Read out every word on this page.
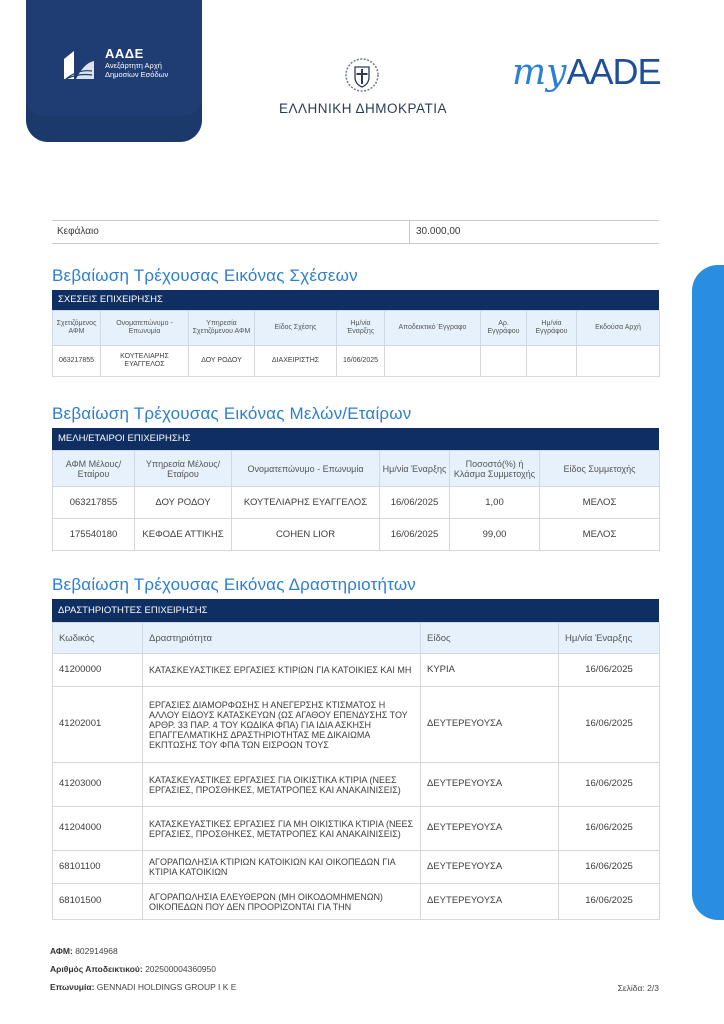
ΑΑΔΕ
Ανεξάρτητη Αρχή Δημοσίων Εσόδων
ΕΛΛΗΝΙΚΗ ΔΗΜΟΚΡΑΤΙΑ
myAADE
Κεφάλαιο	30.000,00
Βεβαίωση Τρέχουσας Εικόνας Σχέσεων
ΣΧΕΣΕΙΣ ΕΠΙΧΕΙΡΗΣΗΣ
Σχετιζόμενος ΑΦΜ	Ονοματεπώνυμο - Επωνυμία	Υπηρεσία Σχετιζόμενου ΑΦΜ	Είδος Σχέσης	Ημ/νία Έναρξης	Αποδεικτικό Έγγραφο	Αρ. Εγγράφου	Ημ/νία Εγγράφου	Εκδούσα Αρχή
063217855	ΚΟΥΤΕΛΙΑΡΗΣ ΕΥΑΓΓΕΛΟΣ	ΔΟΥ ΡΟΔΟΥ	ΔΙΑΧΕΙΡΙΣΤΗΣ	16/06/2025				
Βεβαίωση Τρέχουσας Εικόνας Μελών/Εταίρων
ΜΕΛΗ/ΕΤΑΙΡΟΙ ΕΠΙΧΕΙΡΗΣΗΣ
ΑΦΜ Μέλους/Εταίρου	Υπηρεσία Μέλους/Εταίρου	Ονοματεπώνυμο - Επωνυμία	Ημ/νία Έναρξης	Ποσοστό(%) ή Κλάσμα Συμμετοχής	Είδος Συμμετοχής
063217855	ΔΟΥ ΡΟΔΟΥ	ΚΟΥΤΕΛΙΑΡΗΣ ΕΥΑΓΓΕΛΟΣ	16/06/2025	1,00	ΜΕΛΟΣ
175540180	ΚΕΦΟΔΕ ΑΤΤΙΚΗΣ	COHEN LIOR	16/06/2025	99,00	ΜΕΛΟΣ
Βεβαίωση Τρέχουσας Εικόνας Δραστηριοτήτων
ΔΡΑΣΤΗΡΙΟΤΗΤΕΣ ΕΠΙΧΕΙΡΗΣΗΣ
Κωδικός	Δραστηριότητα	Είδος	Ημ/νία Έναρξης
41200000	ΚΑΤΑΣΚΕΥΑΣΤΙΚΕΣ ΕΡΓΑΣΙΕΣ ΚΤΙΡΙΩΝ ΓΙΑ ΚΑΤΟΙΚΙΕΣ ΚΑΙ ΜΗ	ΚΥΡΙΑ	16/06/2025
41202001	ΕΡΓΑΣΙΕΣ ΔΙΑΜΟΡΦΩΣΗΣ Η ΑΝΕΓΕΡΣΗΣ ΚΤΙΣΜΑΤΟΣ Η ΑΛΛΟΥ ΕΙΔΟΥΣ ΚΑΤΑΣΚΕΥΩΝ (ΩΣ ΑΓΑΘΟΥ ΕΠΕΝΔΥΣΗΣ ΤΟΥ ΑΡΘΡ. 33 ΠΑΡ. 4 ΤΟΥ ΚΩΔΙΚΑ ΦΠΑ) ΓΙΑ ΙΔΙΑ ΑΣΚΗΣΗ ΕΠΑΓΓΕΛΜΑΤΙΚΗΣ ΔΡΑΣΤΗΡΙΟΤΗΤΑΣ ΜΕ ΔΙΚΑΙΩΜΑ ΕΚΠΤΩΣΗΣ ΤΟΥ ΦΠΑ ΤΩΝ ΕΙΣΡΟΩΝ ΤΟΥΣ	ΔΕΥΤΕΡΕΥΟΥΣΑ	16/06/2025
41203000	ΚΑΤΑΣΚΕΥΑΣΤΙΚΕΣ ΕΡΓΑΣΙΕΣ ΓΙΑ ΟΙΚΙΣΤΙΚΑ ΚΤΙΡΙΑ (ΝΕΕΣ ΕΡΓΑΣΙΕΣ, ΠΡΟΣΘΗΚΕΣ, ΜΕΤΑΤΡΟΠΕΣ ΚΑΙ ΑΝΑΚΑΙΝΙΣΕΙΣ)	ΔΕΥΤΕΡΕΥΟΥΣΑ	16/06/2025
41204000	ΚΑΤΑΣΚΕΥΑΣΤΙΚΕΣ ΕΡΓΑΣΙΕΣ ΓΙΑ ΜΗ ΟΙΚΙΣΤΙΚΑ ΚΤΙΡΙΑ (ΝΕΕΣ ΕΡΓΑΣΙΕΣ, ΠΡΟΣΘΗΚΕΣ, ΜΕΤΑΤΡΟΠΕΣ ΚΑΙ ΑΝΑΚΑΙΝΙΣΕΙΣ)	ΔΕΥΤΕΡΕΥΟΥΣΑ	16/06/2025
68101100	ΑΓΟΡΑΠΩΛΗΣΙΑ ΚΤΙΡΙΩΝ ΚΑΤΟΙΚΙΩΝ ΚΑΙ ΟΙΚΟΠΕΔΩΝ ΓΙΑ ΚΤΙΡΙΑ ΚΑΤΟΙΚΙΩΝ	ΔΕΥΤΕΡΕΥΟΥΣΑ	16/06/2025
68101500	ΑΓΟΡΑΠΩΛΗΣΙΑ ΕΛΕΥΘΕΡΩΝ (ΜΗ ΟΙΚΟΔΟΜΗΜΕΝΩΝ) ΟΙΚΟΠΕΔΩΝ ΠΟΥ ΔΕΝ ΠΡΟΟΡΙΖΟΝΤΑΙ ΓΙΑ ΤΗΝ	ΔΕΥΤΕΡΕΥΟΥΣΑ	16/06/2025
ΑΦΜ: 802914968
Αριθμός Αποδεικτικού: 202500004360950
Επωνυμία: GENNADI HOLDINGS GROUP I K E	Σελίδα: 2/3
